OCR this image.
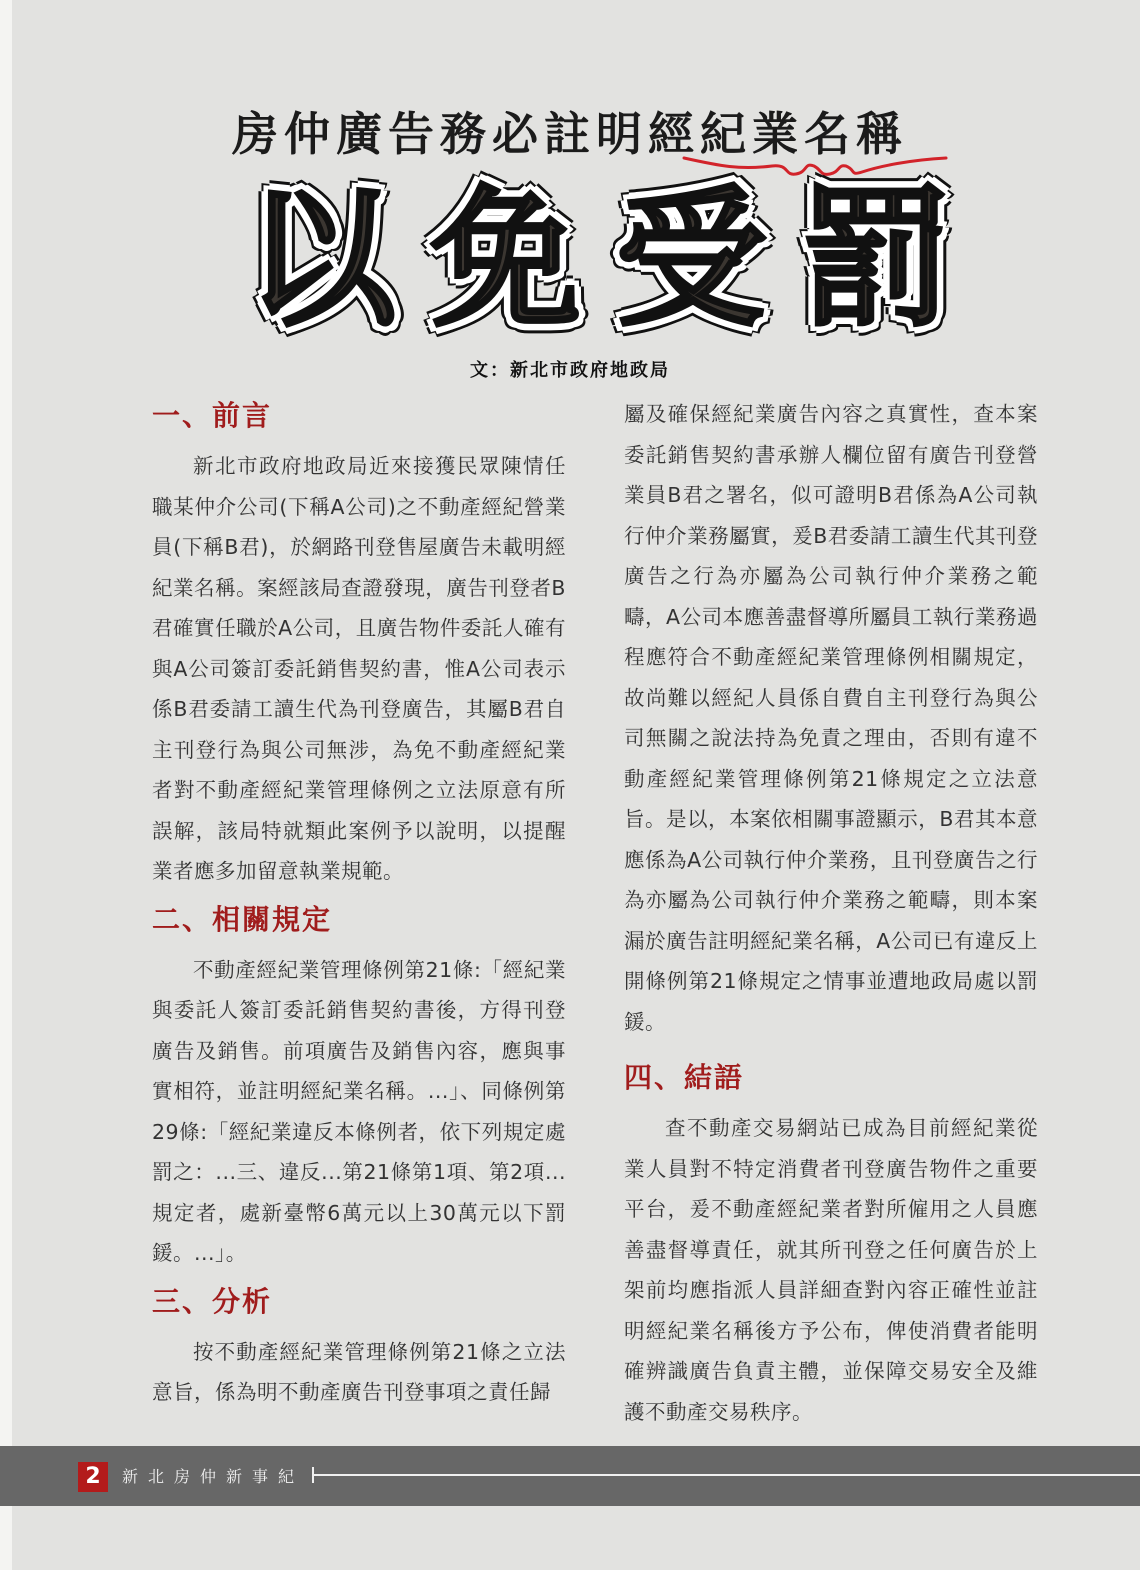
房仲廣告務必註明經紀業名稱
以 免 受 罰
文：新北市政府地政局
一、前言

新北市政府地政局近來接獲民眾陳情任職某仲介公司(下稱A公司)之不動產經紀營業員(下稱B君)，於網路刊登售屋廣告未載明經紀業名稱。案經該局查證發現，廣告刊登者B君確實任職於A公司，且廣告物件委託人確有與A公司簽訂委託銷售契約書，惟A公司表示係B君委請工讀生代為刊登廣告，其屬B君自主刊登行為與公司無涉，為免不動產經紀業者對不動產經紀業管理條例之立法原意有所誤解，該局特就類此案例予以說明，以提醒業者應多加留意執業規範。

二、相關規定

不動產經紀業管理條例第21條:「經紀業與委託人簽訂委託銷售契約書後，方得刊登廣告及銷售。前項廣告及銷售內容，應與事實相符，並註明經紀業名稱。...」、同條例第29條:「經紀業違反本條例者，依下列規定處罰之：...三、違反...第21條第1項、第2項...規定者，處新臺幣6萬元以上30萬元以下罰鍰。...」。

三、分析

按不動產經紀業管理條例第21條之立法意旨，係為明不動產廣告刊登事項之責任歸

屬及確保經紀業廣告內容之真實性，查本案委託銷售契約書承辦人欄位留有廣告刊登營業員B君之署名，似可證明B君係為A公司執行仲介業務屬實，爰B君委請工讀生代其刊登廣告之行為亦屬為公司執行仲介業務之範疇，A公司本應善盡督導所屬員工執行業務過程應符合不動產經紀業管理條例相關規定，故尚難以經紀人員係自費自主刊登行為與公司無關之說法持為免責之理由，否則有違不動產經紀業管理條例第21條規定之立法意旨。是以，本案依相關事證顯示，B君其本意應係為A公司執行仲介業務，且刊登廣告之行為亦屬為公司執行仲介業務之範疇，則本案漏於廣告註明經紀業名稱，A公司已有違反上開條例第21條規定之情事並遭地政局處以罰鍰。

四、結語

查不動產交易網站已成為目前經紀業從業人員對不特定消費者刊登廣告物件之重要平台，爰不動產經紀業者對所僱用之人員應善盡督導責任，就其所刊登之任何廣告於上架前均應指派人員詳細查對內容正確性並註明經紀業名稱後方予公布，俾使消費者能明確辨識廣告負責主體，並保障交易安全及維護不動產交易秩序。

2	新北房仲新事紀
